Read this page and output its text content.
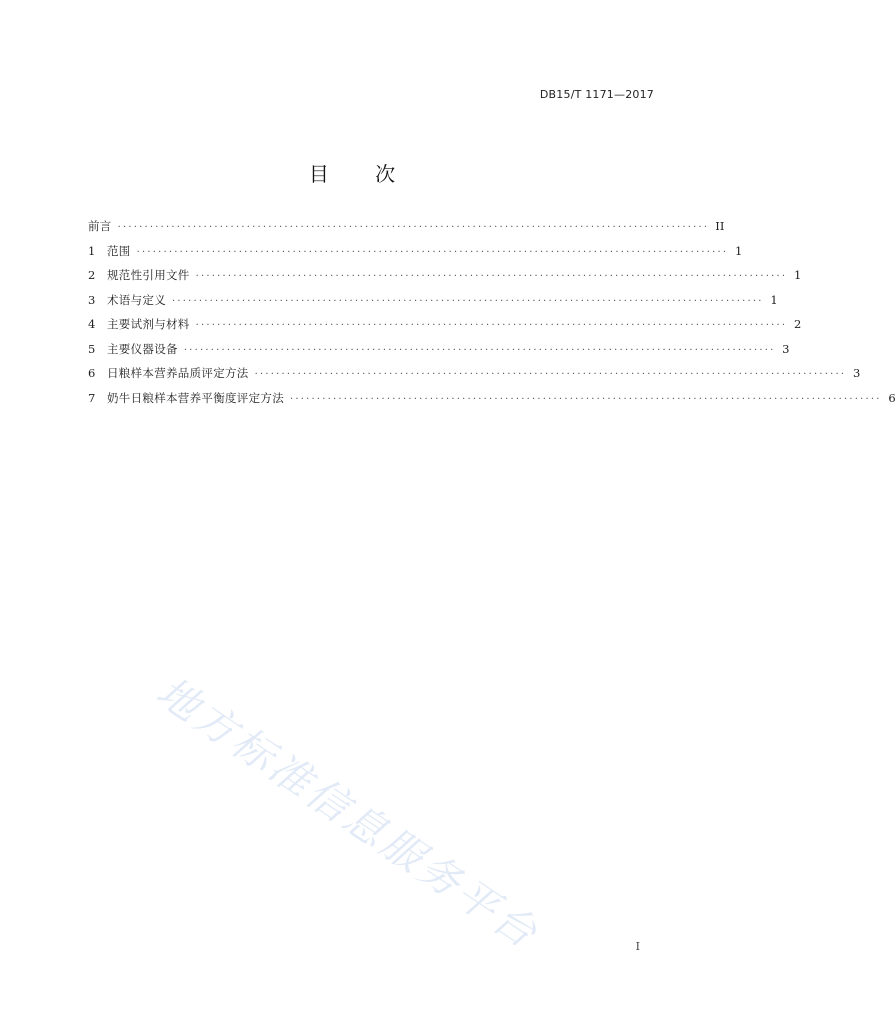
DB15/T 1171—2017
目 次
前言 ·············································································································· II
1	范围 ·············································································································· 1
2	规范性引用文件 ·············································································································· 1
3	术语与定义 ·············································································································· 1
4	主要试剂与材料 ·············································································································· 2
5	主要仪器设备 ·············································································································· 3
6	日粮样本营养品质评定方法 ·············································································································· 3
7	奶牛日粮样本营养平衡度评定方法 ·············································································································· 6
地方标准信息服务平台	I
